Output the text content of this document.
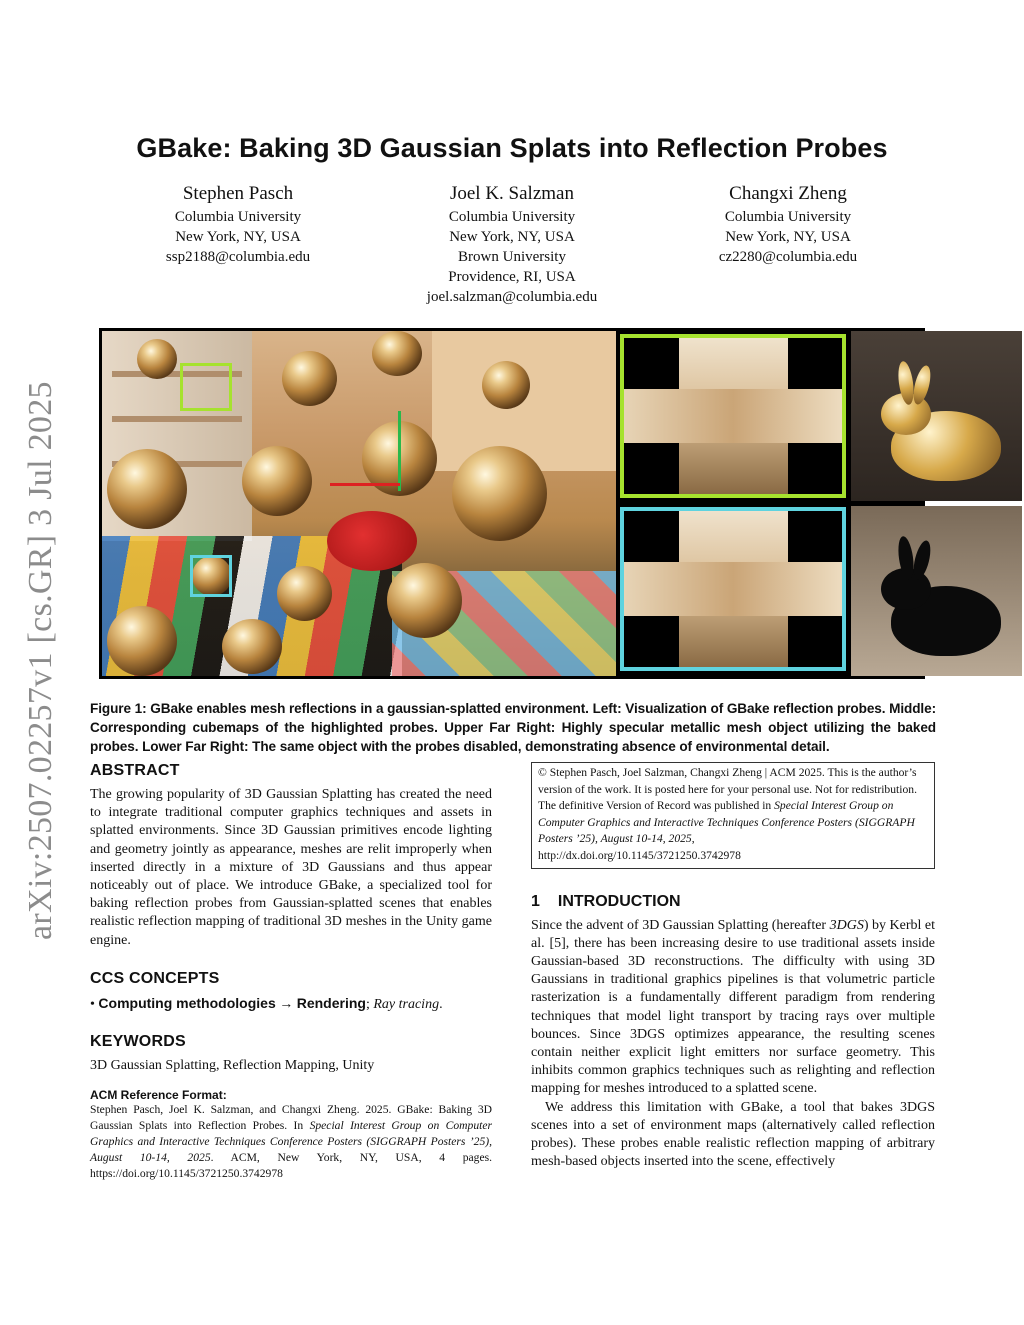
arXiv:2507.02257v1 [cs.GR] 3 Jul 2025
GBake: Baking 3D Gaussian Splats into Reflection Probes
Stephen Pasch
Columbia University
New York, NY, USA
ssp2188@columbia.edu
Joel K. Salzman
Columbia University
New York, NY, USA
Brown University
Providence, RI, USA
joel.salzman@columbia.edu
Changxi Zheng
Columbia University
New York, NY, USA
cz2280@columbia.edu
Figure 1: GBake enables mesh reflections in a gaussian-splatted environment. Left: Visualization of GBake reflection probes. Middle: Corresponding cubemaps of the highlighted probes. Upper Far Right: Highly specular metallic mesh object utilizing the baked probes. Lower Far Right: The same object with the probes disabled, demonstrating absence of environmental detail.
ABSTRACT

The growing popularity of 3D Gaussian Splatting has created the need to integrate traditional computer graphics techniques and assets in splatted environments. Since 3D Gaussian primitives encode lighting and geometry jointly as appearance, meshes are relit improperly when inserted directly in a mixture of 3D Gaussians and thus appear noticeably out of place. We introduce GBake, a specialized tool for baking reflection probes from Gaussian-splatted scenes that enables realistic reflection mapping of traditional 3D meshes in the Unity game engine.

CCS CONCEPTS
• Computing methodologies → Rendering; Ray tracing.
KEYWORDS
3D Gaussian Splatting, Reflection Mapping, Unity
ACM Reference Format:
Stephen Pasch, Joel K. Salzman, and Changxi Zheng. 2025. GBake: Baking 3D Gaussian Splats into Reflection Probes. In Special Interest Group on Computer Graphics and Interactive Techniques Conference Posters (SIGGRAPH Posters ’25), August 10-14, 2025. ACM, New York, NY, USA, 4 pages. https://doi.org/10.1145/3721250.3742978
© Stephen Pasch, Joel Salzman, Changxi Zheng | ACM 2025. This is the author’s version of the work. It is posted here for your personal use. Not for redistribution.
The definitive Version of Record was published in Special Interest Group on Computer Graphics and Interactive Techniques Conference Posters (SIGGRAPH Posters ’25), August 10-14, 2025,
http://dx.doi.org/10.1145/3721250.3742978
1 INTRODUCTION

Since the advent of 3D Gaussian Splatting (hereafter 3DGS) by Kerbl et al. [5], there has been increasing desire to use traditional assets inside Gaussian-based 3D reconstructions. The difficulty with using 3D Gaussians in traditional graphics pipelines is that volumetric particle rasterization is a fundamentally different paradigm from rendering techniques that model light transport by tracing rays over multiple bounces. Since 3DGS optimizes appearance, the resulting scenes contain neither explicit light emitters nor surface geometry. This inhibits common graphics techniques such as relighting and reflection mapping for meshes introduced to a splatted scene.

We address this limitation with GBake, a tool that bakes 3DGS scenes into a set of environment maps (alternatively called reflection probes). These probes enable realistic reflection mapping of arbitrary mesh-based objects inserted into the scene, effectively
